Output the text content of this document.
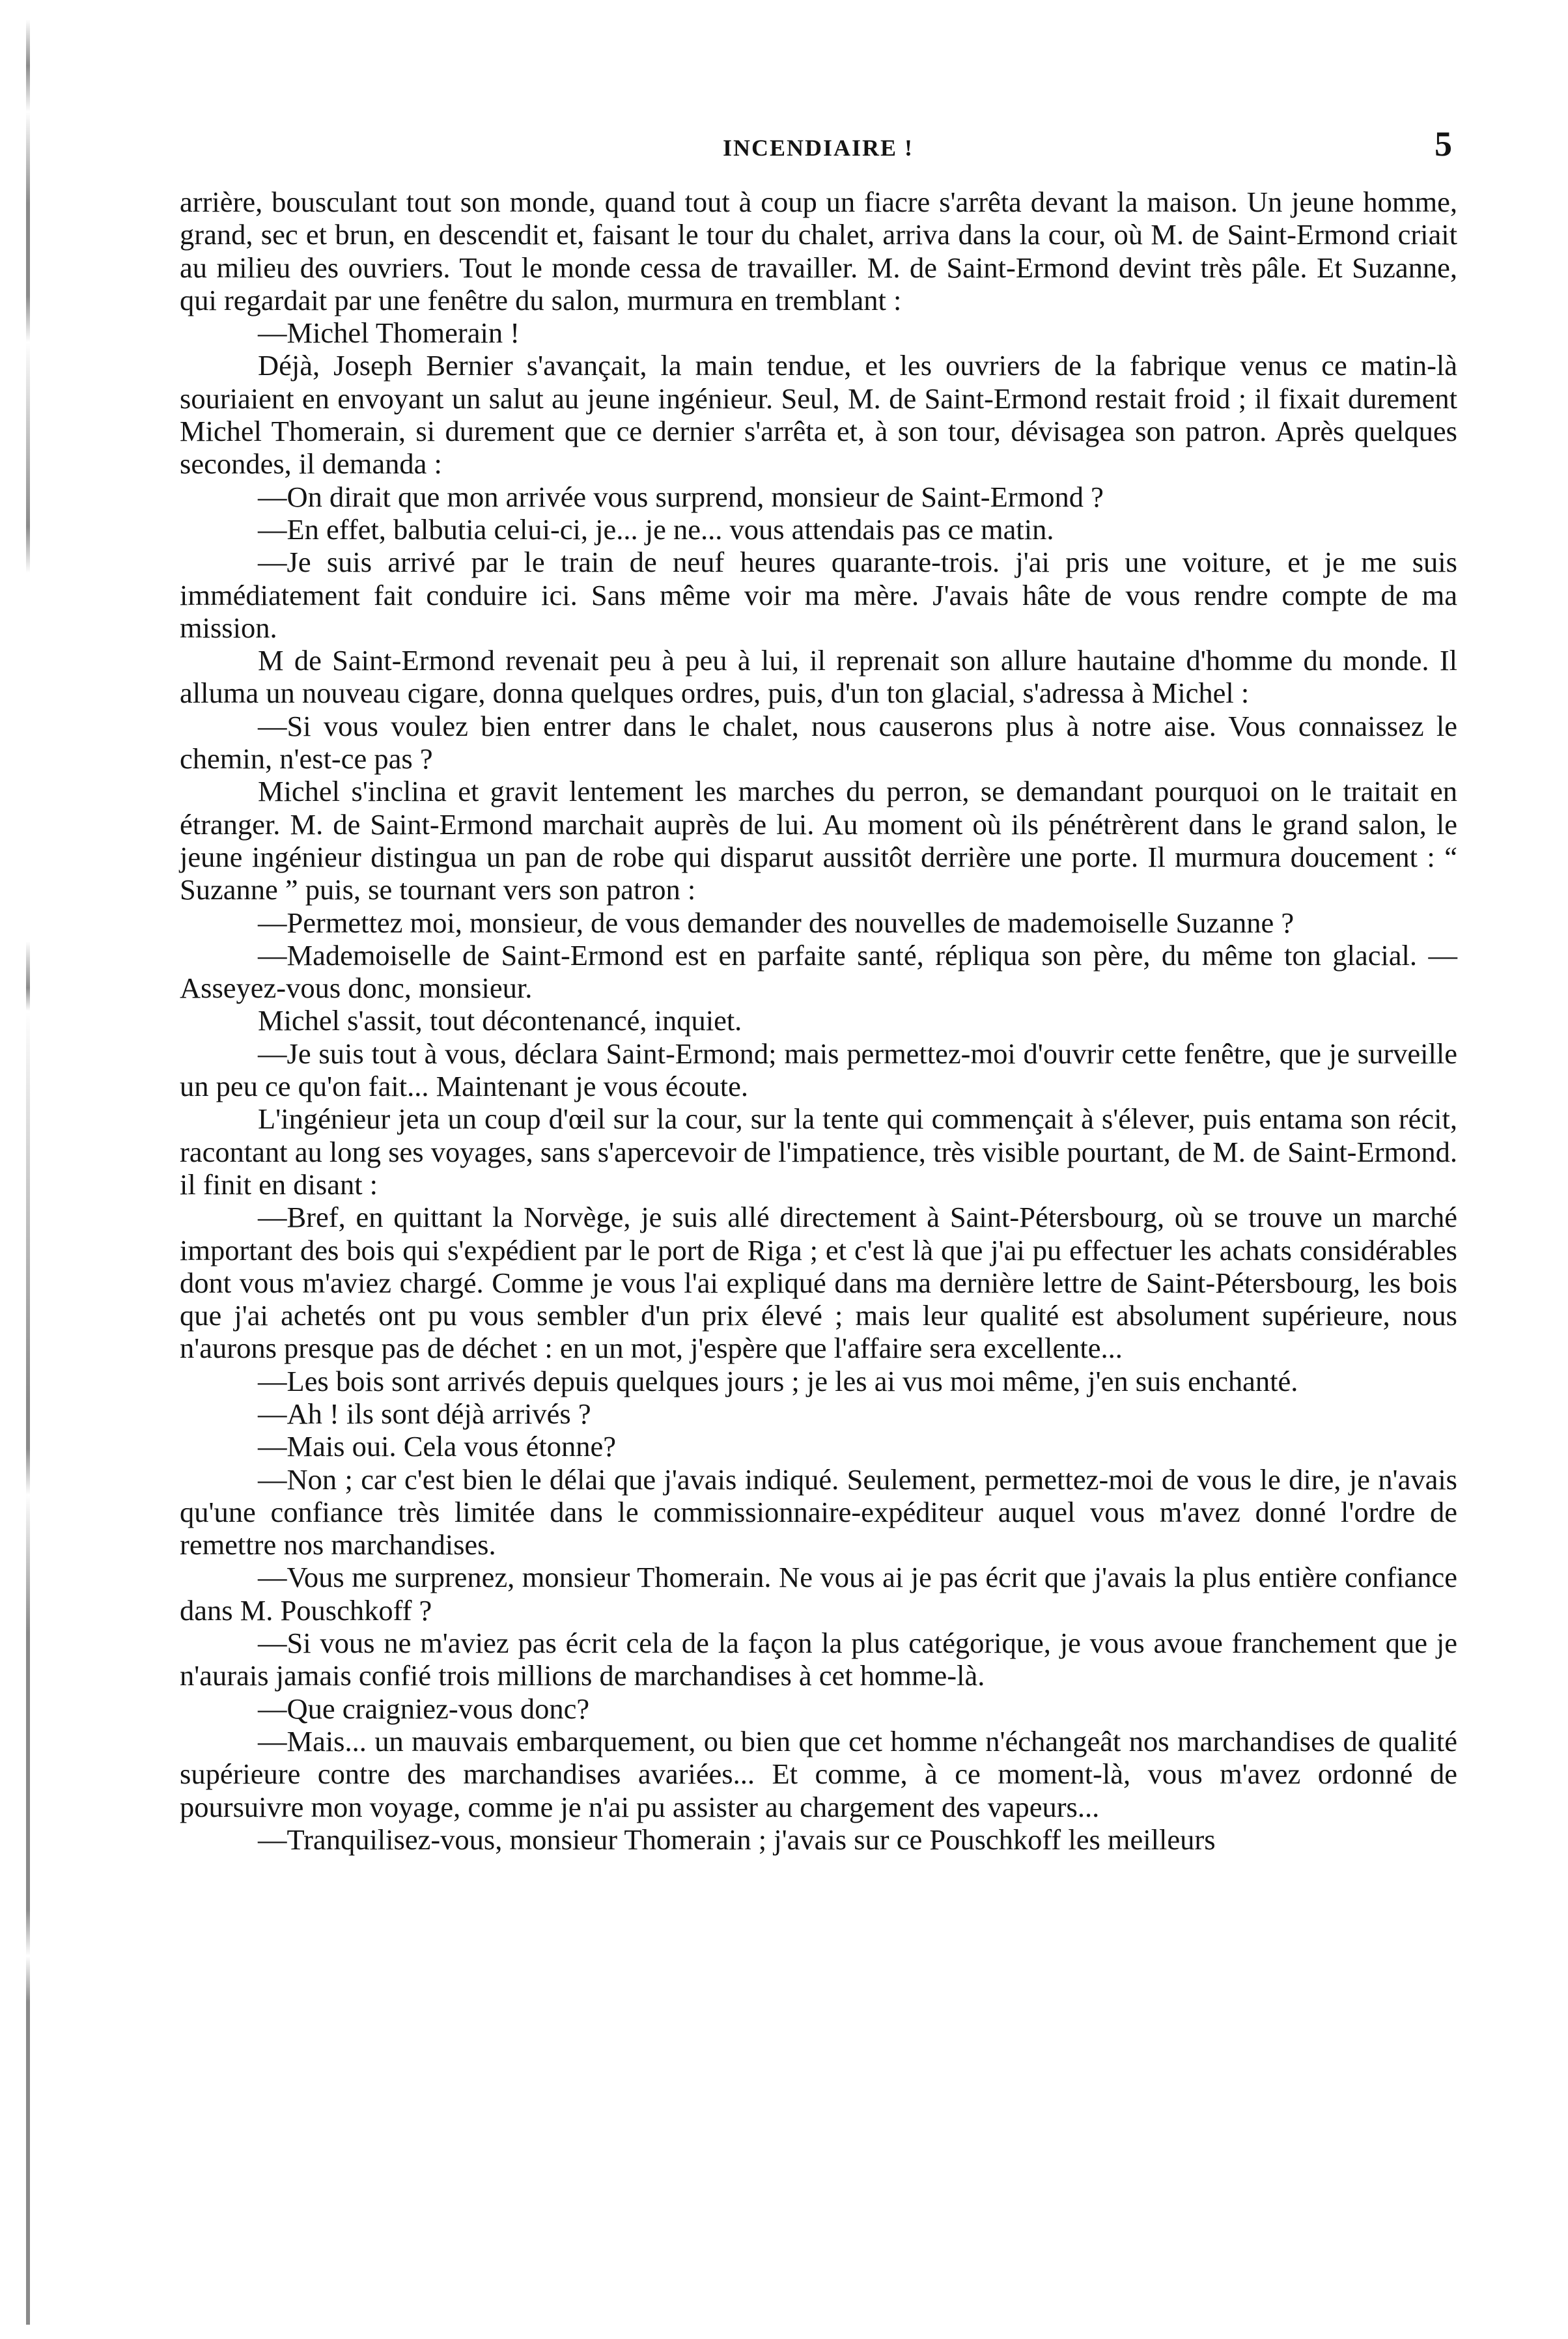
INCENDIAIRE !	5

arrière, bousculant tout son monde, quand tout à coup un fiacre s'arrêta devant la maison. Un jeune homme, grand, sec et brun, en descendit et, faisant le tour du chalet, arriva dans la cour, où M. de Saint-Ermond criait au milieu des ouvriers. Tout le monde cessa de travailler. M. de Saint-Ermond devint très pâle. Et Suzanne, qui regardait par une fenêtre du salon, murmura en tremblant :

—Michel Thomerain !

Déjà, Joseph Bernier s'avançait, la main tendue, et les ouvriers de la fabrique venus ce matin-là souriaient en envoyant un salut au jeune ingénieur. Seul, M. de Saint-Ermond restait froid ; il fixait durement Michel Thomerain, si durement que ce dernier s'arrêta et, à son tour, dévisagea son patron. Après quelques secondes, il demanda :

—On dirait que mon arrivée vous surprend, monsieur de Saint-Ermond ?

—En effet, balbutia celui-ci, je... je ne... vous attendais pas ce matin.

—Je suis arrivé par le train de neuf heures quarante-trois. j'ai pris une voiture, et je me suis immédiatement fait conduire ici. Sans même voir ma mère. J'avais hâte de vous rendre compte de ma mission.

M de Saint-Ermond revenait peu à peu à lui, il reprenait son allure hautaine d'homme du monde. Il alluma un nouveau cigare, donna quelques ordres, puis, d'un ton glacial, s'adressa à Michel :

—Si vous voulez bien entrer dans le chalet, nous causerons plus à notre aise. Vous connaissez le chemin, n'est-ce pas ?

Michel s'inclina et gravit lentement les marches du perron, se demandant pourquoi on le traitait en étranger. M. de Saint-Ermond marchait auprès de lui. Au moment où ils pénétrèrent dans le grand salon, le jeune ingénieur distingua un pan de robe qui disparut aussitôt derrière une porte. Il murmura doucement : “ Suzanne ” puis, se tournant vers son patron :

—Permettez moi, monsieur, de vous demander des nouvelles de mademoiselle Suzanne ?

—Mademoiselle de Saint-Ermond est en parfaite santé, répliqua son père, du même ton glacial. — Asseyez-vous donc, monsieur.

Michel s'assit, tout décontenancé, inquiet.

—Je suis tout à vous, déclara Saint-Ermond; mais permettez-moi d'ouvrir cette fenêtre, que je surveille un peu ce qu'on fait... Maintenant je vous écoute.

L'ingénieur jeta un coup d'œil sur la cour, sur la tente qui commençait à s'élever, puis entama son récit, racontant au long ses voyages, sans s'apercevoir de l'impatience, très visible pourtant, de M. de Saint-Ermond. il finit en disant :

—Bref, en quittant la Norvège, je suis allé directement à Saint-Pétersbourg, où se trouve un marché important des bois qui s'expédient par le port de Riga ; et c'est là que j'ai pu effectuer les achats considérables dont vous m'aviez chargé. Comme je vous l'ai expliqué dans ma dernière lettre de Saint-Pétersbourg, les bois que j'ai achetés ont pu vous sembler d'un prix élevé ; mais leur qualité est absolument supérieure, nous n'aurons presque pas de déchet : en un mot, j'espère que l'affaire sera excellente...

—Les bois sont arrivés depuis quelques jours ; je les ai vus moi même, j'en suis enchanté.

—Ah ! ils sont déjà arrivés ?

—Mais oui. Cela vous étonne?

—Non ; car c'est bien le délai que j'avais indiqué. Seulement, permettez-moi de vous le dire, je n'avais qu'une confiance très limitée dans le commissionnaire-expéditeur auquel vous m'avez donné l'ordre de remettre nos marchandises.

—Vous me surprenez, monsieur Thomerain. Ne vous ai je pas écrit que j'avais la plus entière confiance dans M. Pouschkoff ?

—Si vous ne m'aviez pas écrit cela de la façon la plus catégorique, je vous avoue franchement que je n'aurais jamais confié trois millions de marchandises à cet homme-là.

—Que craigniez-vous donc?

—Mais... un mauvais embarquement, ou bien que cet homme n'échangeât nos marchandises de qualité supérieure contre des marchandises avariées... Et comme, à ce moment-là, vous m'avez ordonné de poursuivre mon voyage, comme je n'ai pu assister au chargement des vapeurs...

—Tranquilisez-vous, monsieur Thomerain ; j'avais sur ce Pouschkoff les meilleurs
